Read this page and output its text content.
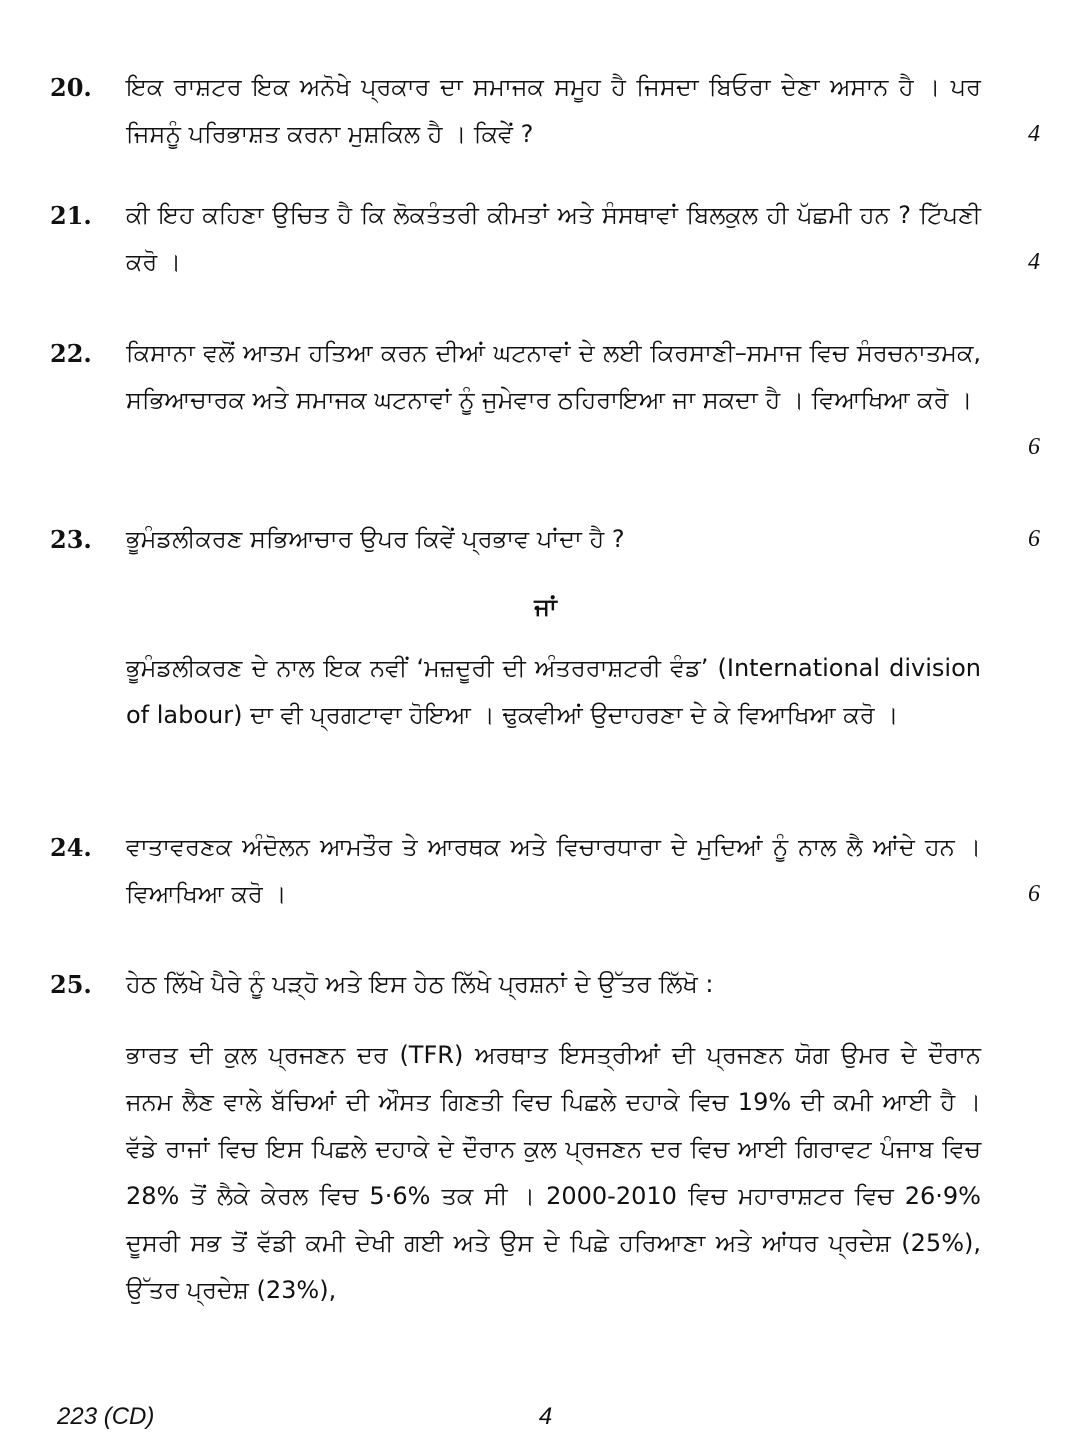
20. ਇਕ ਰਾਸ਼ਟਰ ਇਕ ਅਨੋਖੇ ਪ੍ਰਕਾਰ ਦਾ ਸਮਾਜਕ ਸਮੂਹ ਹੈ ਜਿਸਦਾ ਬਿਓਰਾ ਦੇਣਾ ਅਸਾਨ ਹੈ । ਪਰ ਜਿਸਨੂੰ ਪਰਿਭਾਸ਼ਤ ਕਰਨਾ ਮੁਸ਼ਕਿਲ ਹੈ । ਕਿਵੇਂ ?	4
21. ਕੀ ਇਹ ਕਹਿਣਾ ਉਚਿਤ ਹੈ ਕਿ ਲੋਕਤੰਤਰੀ ਕੀਮਤਾਂ ਅਤੇ ਸੰਸਥਾਵਾਂ ਬਿਲਕੁਲ ਹੀ ਪੱਛਮੀ ਹਨ ? ਟਿੱਪਣੀ ਕਰੋ ।	4
22. ਕਿਸਾਨਾ ਵਲੋਂ ਆਤਮ ਹਤਿਆ ਕਰਨ ਦੀਆਂ ਘਟਨਾਵਾਂ ਦੇ ਲਈ ਕਿਰਸਾਣੀ–ਸਮਾਜ ਵਿਚ ਸੰਰਚਨਾਤਮਕ, ਸਭਿਆਚਾਰਕ ਅਤੇ ਸਮਾਜਕ ਘਟਨਾਵਾਂ ਨੂੰ ਜੁਮੇਵਾਰ ਠਹਿਰਾਇਆ ਜਾ ਸਕਦਾ ਹੈ । ਵਿਆਖਿਆ ਕਰੋ ।
6
23. ਭੂਮੰਡਲੀਕਰਣ ਸਭਿਆਚਾਰ ਉਪਰ ਕਿਵੇਂ ਪ੍ਰਭਾਵ ਪਾਂਦਾ ਹੈ ?	6
ਜਾਂ
ਭੂਮੰਡਲੀਕਰਣ ਦੇ ਨਾਲ ਇਕ ਨਵੀਂ ‘ਮਜ਼ਦੂਰੀ ਦੀ ਅੰਤਰਰਾਸ਼ਟਰੀ ਵੰਡ’ (International division of labour) ਦਾ ਵੀ ਪ੍ਰਗਟਾਵਾ ਹੋਇਆ । ਢੁਕਵੀਆਂ ਉਦਾਹਰਣਾ ਦੇ ਕੇ ਵਿਆਖਿਆ ਕਰੋ ।
24. ਵਾਤਾਵਰਣਕ ਅੰਦੋਲਨ ਆਮਤੌਰ ਤੇ ਆਰਥਕ ਅਤੇ ਵਿਚਾਰਧਾਰਾ ਦੇ ਮੁਦਿਆਂ ਨੂੰ ਨਾਲ ਲੈ ਆਂਦੇ ਹਨ । ਵਿਆਖਿਆ ਕਰੋ ।	6
25. ਹੇਠ ਲਿੱਖੇ ਪੈਰੇ ਨੂੰ ਪੜ੍ਹੋ ਅਤੇ ਇਸ ਹੇਠ ਲਿੱਖੇ ਪ੍ਰਸ਼ਨਾਂ ਦੇ ਉੱਤਰ ਲਿੱਖੋ :
ਭਾਰਤ ਦੀ ਕੁਲ ਪ੍ਰਜਣਨ ਦਰ (TFR) ਅਰਥਾਤ ਇਸਤ੍ਰੀਆਂ ਦੀ ਪ੍ਰਜਣਨ ਯੋਗ ਉਮਰ ਦੇ ਦੌਰਾਨ ਜਨਮ ਲੈਣ ਵਾਲੇ ਬੱਚਿਆਂ ਦੀ ਔਸਤ ਗਿਣਤੀ ਵਿਚ ਪਿਛਲੇ ਦਹਾਕੇ ਵਿਚ 19% ਦੀ ਕਮੀ ਆਈ ਹੈ । ਵੱਡੇ ਰਾਜਾਂ ਵਿਚ ਇਸ ਪਿਛਲੇ ਦਹਾਕੇ ਦੇ ਦੌਰਾਨ ਕੁਲ ਪ੍ਰਜਣਨ ਦਰ ਵਿਚ ਆਈ ਗਿਰਾਵਟ ਪੰਜਾਬ ਵਿਚ 28% ਤੋਂ ਲੈਕੇ ਕੇਰਲ ਵਿਚ 5·6% ਤਕ ਸੀ । 2000-2010 ਵਿਚ ਮਹਾਰਾਸ਼ਟਰ ਵਿਚ 26·9% ਦੂਸਰੀ ਸਭ ਤੋਂ ਵੱਡੀ ਕਮੀ ਦੇਖੀ ਗਈ ਅਤੇ ਉਸ ਦੇ ਪਿਛੇ ਹਰਿਆਣਾ ਅਤੇ ਆਂਧਰ ਪ੍ਰਦੇਸ਼ (25%), ਉੱਤਰ ਪ੍ਰਦੇਸ਼ (23%),
223 (CD)	4
